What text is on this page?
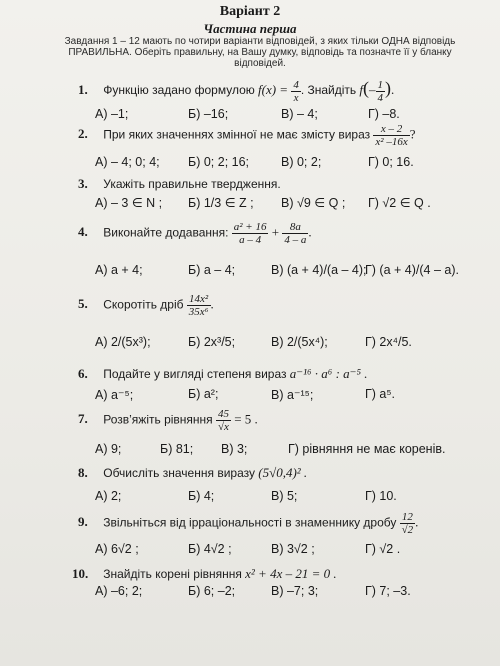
Варіант 2
Частина перша
Завдання 1 – 12 мають по чотири варіанти відповідей, з яких тільки ОДНА відповідь ПРАВИЛЬНА. Оберіть правильну, на Вашу думку, відповідь та позначте її у бланку відповідей.
1. Функцію задано формулою $f(x) = \frac{4}{x}$ . Знайдіть $f(- \frac{1}{4}$ ).
А) –1;	Б) –16;	В) – 4;	Г) –8.
2. При яких значеннях змінної не має змісту вираз $\frac{x - 2}{\text{x² –16x}}$ ?
А) – 4; 0; 4; Б) 0; 2; 16;	В) 0; 2;	Г) 0; 16.
3. Укажіть правильне твердження.
А) – 3 ∈ N ; Б) 1/3 ∈ Z ; В) √9 ∈ Q ; Г) √2 ∈ Q .
4. Виконайте додавання: $\frac{\text{a² + 16}}{a - 4} + \frac{8a}{4 - a}$ .
А) a + 4;	Б) a – 4;	В) (a + 4)/(a – 4);
Г) (a + 4)/(4 – a).
5. Скоротіть дріб $\frac{\text{14x²}}{\text{35x⁶}}$ .
А) 2/(5x³);	Б) 2x³/5;	В) 2/(5x⁴);	Г) 2x⁴/5.
6. Подайте у вигляді степеня вираз a⁻¹⁶ · a⁶ : a⁻⁵ .
А) a⁻⁵;	Б) a²;	В) a⁻¹⁵;	Г) a⁵.
7. Розв’яжіть рівняння $\frac{45}{√x} = 5$ .
А) 9;	Б) 81; В) 3;	Г) рівняння не має коренів.
8. Обчисліть значення виразу (5√0,4)² .
А) 2;	Б) 4;	В) 5;	Г) 10.
9. Звільніться від ірраціональності в знаменнику дробу $\frac{12}{√2}$ .
А) 6√2 ;	Б) 4√2 ;	В) 3√2 ;	Г) √2 .
10. Знайдіть корені рівняння x² + 4x – 21 = 0 .
А) –6; 2;	Б) 6; –2;	В) –7; 3;	Г) 7; –3.
